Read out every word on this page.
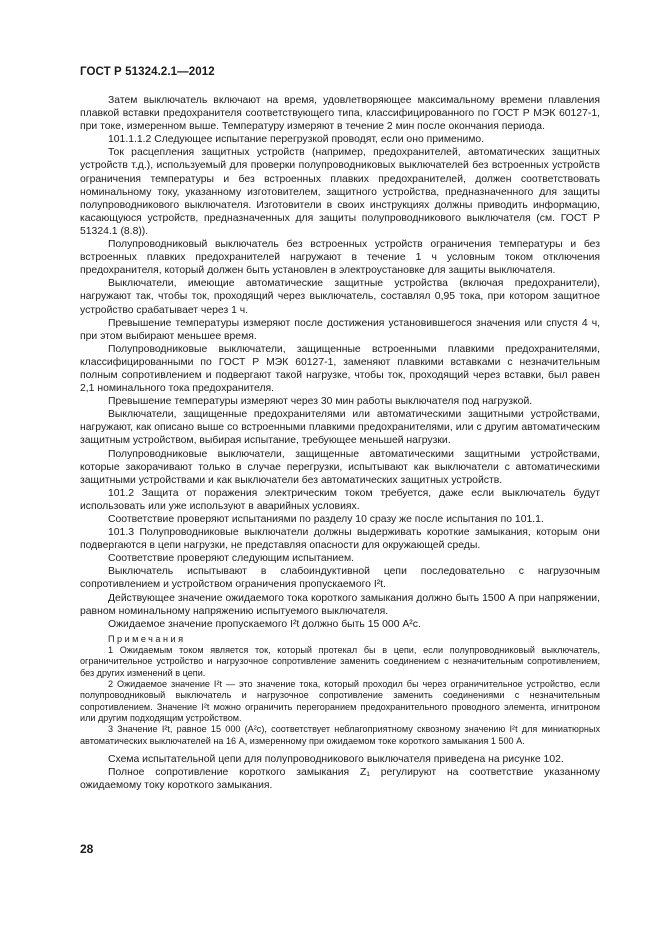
ГОСТ Р 51324.2.1—2012

Затем выключатель включают на время, удовлетворяющее максимальному времени плавления плавкой вставки предохранителя соответствующего типа, классифицированного по ГОСТ Р МЭК 60127-1, при токе, измеренном выше. Температуру измеряют в течение 2 мин после окончания периода.

101.1.1.2 Следующее испытание перегрузкой проводят, если оно применимо.

Ток расцепления защитных устройств (например, предохранителей, автоматических защитных устройств т.д.), используемый для проверки полупроводниковых выключателей без встроенных устройств ограничения температуры и без встроенных плавких предохранителей, должен соответствовать номинальному току, указанному изготовителем, защитного устройства, предназначенного для защиты полупроводникового выключателя. Изготовители в своих инструкциях должны приводить информацию, касающуюся устройств, предназначенных для защиты полупроводникового выключателя (см. ГОСТ Р 51324.1 (8.8)).

Полупроводниковый выключатель без встроенных устройств ограничения температуры и без встроенных плавких предохранителей нагружают в течение 1 ч условным током отключения предохранителя, который должен быть установлен в электроустановке для защиты выключателя.

Выключатели, имеющие автоматические защитные устройства (включая предохранители), нагружают так, чтобы ток, проходящий через выключатель, составлял 0,95 тока, при котором защитное устройство срабатывает через 1 ч.

Превышение температуры измеряют после достижения установившегося значения или спустя 4 ч, при этом выбирают меньшее время.

Полупроводниковые выключатели, защищенные встроенными плавкими предохранителями, классифицированными по ГОСТ Р МЭК 60127-1, заменяют плавкими вставками с незначительным полным сопротивлением и подвергают такой нагрузке, чтобы ток, проходящий через вставки, был равен 2,1 номинального тока предохранителя.

Превышение температуры измеряют через 30 мин работы выключателя под нагрузкой.

Выключатели, защищенные предохранителями или автоматическими защитными устройствами, нагружают, как описано выше со встроенными плавкими предохранителями, или с другим автоматическим защитным устройством, выбирая испытание, требующее меньшей нагрузки.

Полупроводниковые выключатели, защищенные автоматическими защитными устройствами, которые закорачивают только в случае перегрузки, испытывают как выключатели с автоматическими защитными устройствами и как выключатели без автоматических защитных устройств.

101.2 Защита от поражения электрическим током требуется, даже если выключатель будут использовать или уже используют в аварийных условиях.

Соответствие проверяют испытаниями по разделу 10 сразу же после испытания по 101.1.

101.3 Полупроводниковые выключатели должны выдерживать короткие замыкания, которым они подвергаются в цепи нагрузки, не представляя опасности для окружающей среды.

Соответствие проверяют следующим испытанием.

Выключатель испытывают в слабоиндуктивной цепи последовательно с нагрузочным сопротивлением и устройством ограничения пропускаемого I²t.

Действующее значение ожидаемого тока короткого замыкания должно быть 1500 А при напряжении, равном номинальному напряжению испытуемого выключателя.

Ожидаемое значение пропускаемого I²t должно быть 15 000 A²c.

Примечания

1 Ожидаемым током является ток, который протекал бы в цепи, если полупроводниковый выключатель, ограничительное устройство и нагрузочное сопротивление заменить соединением с незначительным сопротивлением, без других изменений в цепи.

2 Ожидаемое значение I²t — это значение тока, который проходил бы через ограничительное устройство, если полупроводниковый выключатель и нагрузочное сопротивление заменить соединениями с незначительным сопротивлением. Значение I²t можно ограничить перегоранием предохранительного проводного элемента, игнитроном или другим подходящим устройством.

3 Значение I²t, равное 15 000 (A²c), соответствует неблагоприятному сквозному значению I²t для миниатюрных автоматических выключателей на 16 А, измеренному при ожидаемом токе короткого замыкания 1 500 А.

Схема испытательной цепи для полупроводникового выключателя приведена на рисунке 102.

Полное сопротивление короткого замыкания Z₁ регулируют на соответствие указанному ожидаемому току короткого замыкания.

28
